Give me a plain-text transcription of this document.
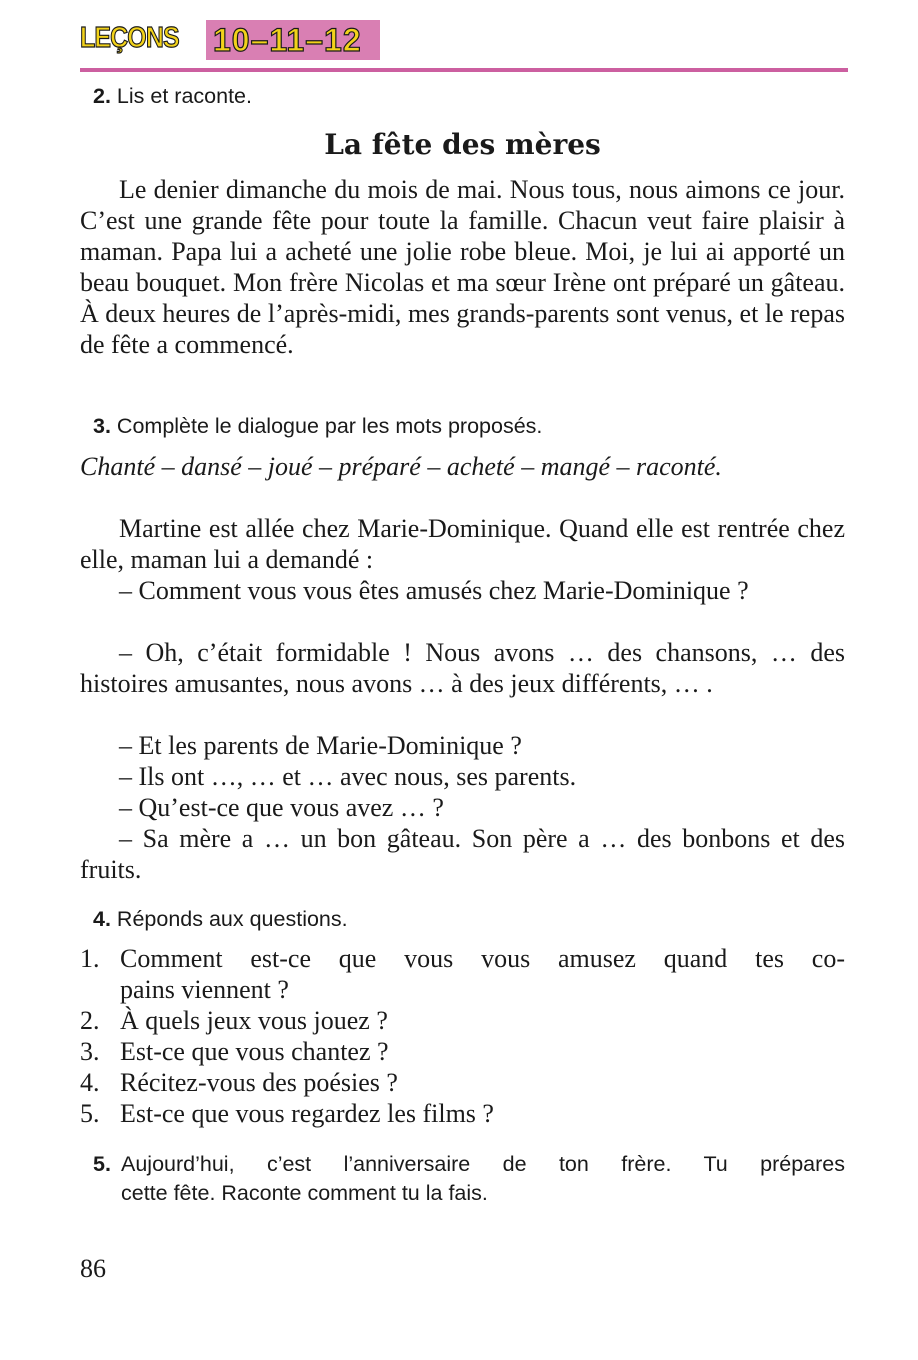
LEÇONS 10–11–12
2. Lis et raconte.
La fête des mères

Le denier dimanche du mois de mai. Nous tous, nous aimons ce jour. C’est une grande fête pour toute la famille. Chacun veut faire plaisir à maman. Papa lui a acheté une jolie robe bleue. Moi, je lui ai apporté un beau bouquet. Mon frère Nicolas et ma sœur Irène ont préparé un gâteau. À deux heures de l’après-midi, mes grands-parents sont venus, et le repas de fête a commencé.

3. Complète le dialogue par les mots proposés.

Chanté – dansé – joué – préparé – acheté – mangé – raconté.

Martine est allée chez Marie-Dominique. Quand elle est rentrée chez elle, maman lui a demandé :

– Comment vous vous êtes amusés chez Marie-Dominique ?

– Oh, c’était formidable ! Nous avons … des chansons, … des histoires amusantes, nous avons … à des jeux différents, … .

– Et les parents de Marie-Dominique ?

– Ils ont …, … et … avec nous, ses parents.

– Qu’est-ce que vous avez … ?

– Sa mère a … un bon gâteau. Son père a … des bonbons et des fruits.

4. Réponds aux questions.
1. Comment est-ce que vous vous amusez quand tes co-
pains viennent ?
2. À quels jeux vous jouez ?
3. Est-ce que vous chantez ?
4. Récitez-vous des poésies ?
5. Est-ce que vous regardez les films ?
5. Aujourd’hui, c’est l’anniversaire de ton frère. Tu prépares
cette fête. Raconte comment tu la fais.
86
